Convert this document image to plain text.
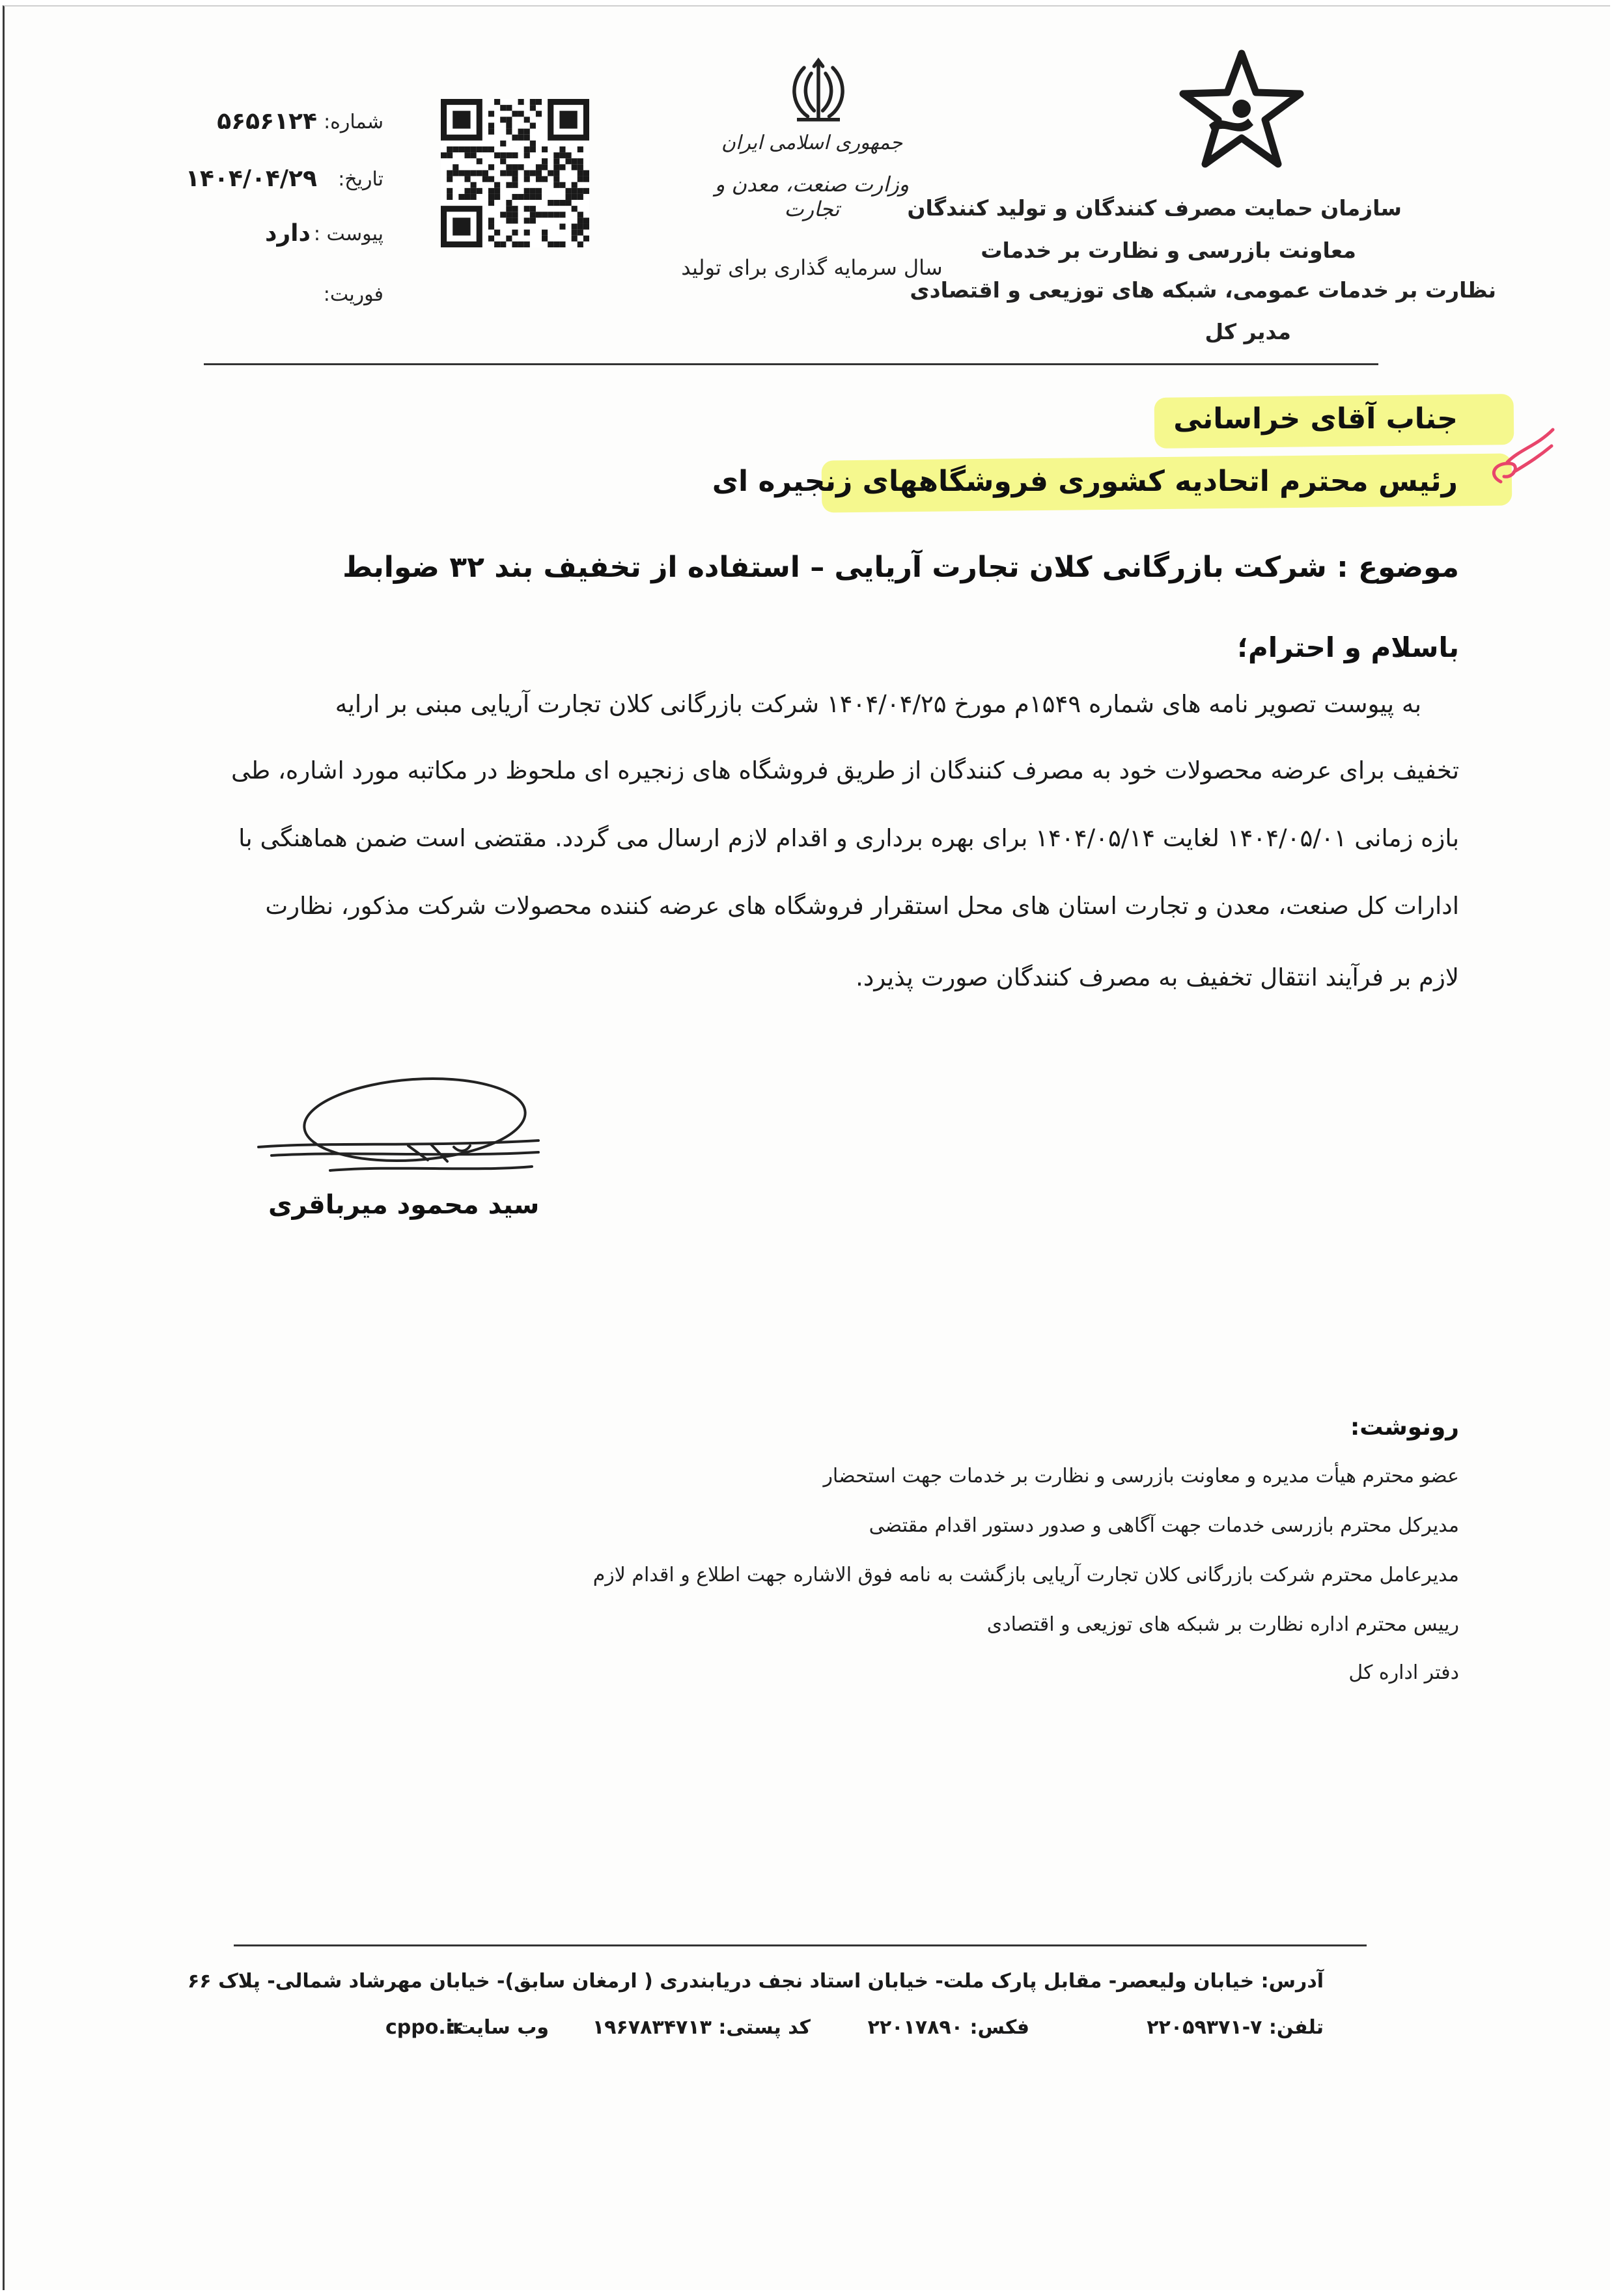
شماره:
۵۶۵۶۱۲۴
تاریخ:
۱۴۰۴/۰۴/۲۹
پیوست :
دارد
فوریت:
جمهوری اسلامی ایران
وزارت صنعت، معدن و تجارت
سال سرمایه گذاری برای تولید
سازمان حمایت مصرف کنندگان و تولید کنندگان
معاونت بازرسی و نظارت بر خدمات
نظارت بر خدمات عمومی، شبکه های توزیعی و اقتصادی
مدیر کل
جناب آقای خراسانی
رئیس محترم اتحادیه کشوری فروشگاههای زنجیره ای
موضوع : شرکت بازرگانی کلان تجارت آریایی – استفاده از تخفیف بند ۳۲ ضوابط
باسلام و احترام؛
به پیوست تصویر نامه های شماره ۱۵۴۹م مورخ ۱۴۰۴/۰۴/۲۵ شرکت بازرگانی کلان تجارت آریایی مبنی بر ارایه
تخفیف برای عرضه محصولات خود به مصرف کنندگان از طریق فروشگاه های زنجیره ای ملحوظ در مکاتبه مورد اشاره، طی
بازه زمانی ۱۴۰۴/۰۵/۰۱ لغایت ۱۴۰۴/۰۵/۱۴ برای بهره برداری و اقدام لازم ارسال می گردد. مقتضی است ضمن هماهنگی با
ادارات کل صنعت، معدن و تجارت استان های محل استقرار فروشگاه های عرضه کننده محصولات شرکت مذکور، نظارت
لازم بر فرآیند انتقال تخفیف به مصرف کنندگان صورت پذیرد.
سید محمود میرباقری
رونوشت:
عضو محترم هیأت مدیره و معاونت بازرسی و نظارت بر خدمات جهت استحضار
مدیرکل محترم بازرسی خدمات جهت آگاهی و صدور دستور اقدام مقتضی
مدیرعامل محترم شرکت بازرگانی کلان تجارت آریایی بازگشت به نامه فوق الاشاره جهت اطلاع و اقدام لازم
رییس محترم اداره نظارت بر شبکه های توزیعی و اقتصادی
دفتر اداره کل
آدرس: خیابان ولیعصر- مقابل پارک ملت- خیابان استاد نجف دریابندری ( ارمغان سابق)- خیابان مهرشاد شمالی- پلاک ۶۶
تلفن: ۷-۲۲۰۵۹۳۷۱
فکس: ۲۲۰۱۷۸۹۰
کد پستی: ۱۹۶۷۸۳۴۷۱۳
وب سایت:
cppo.ir
